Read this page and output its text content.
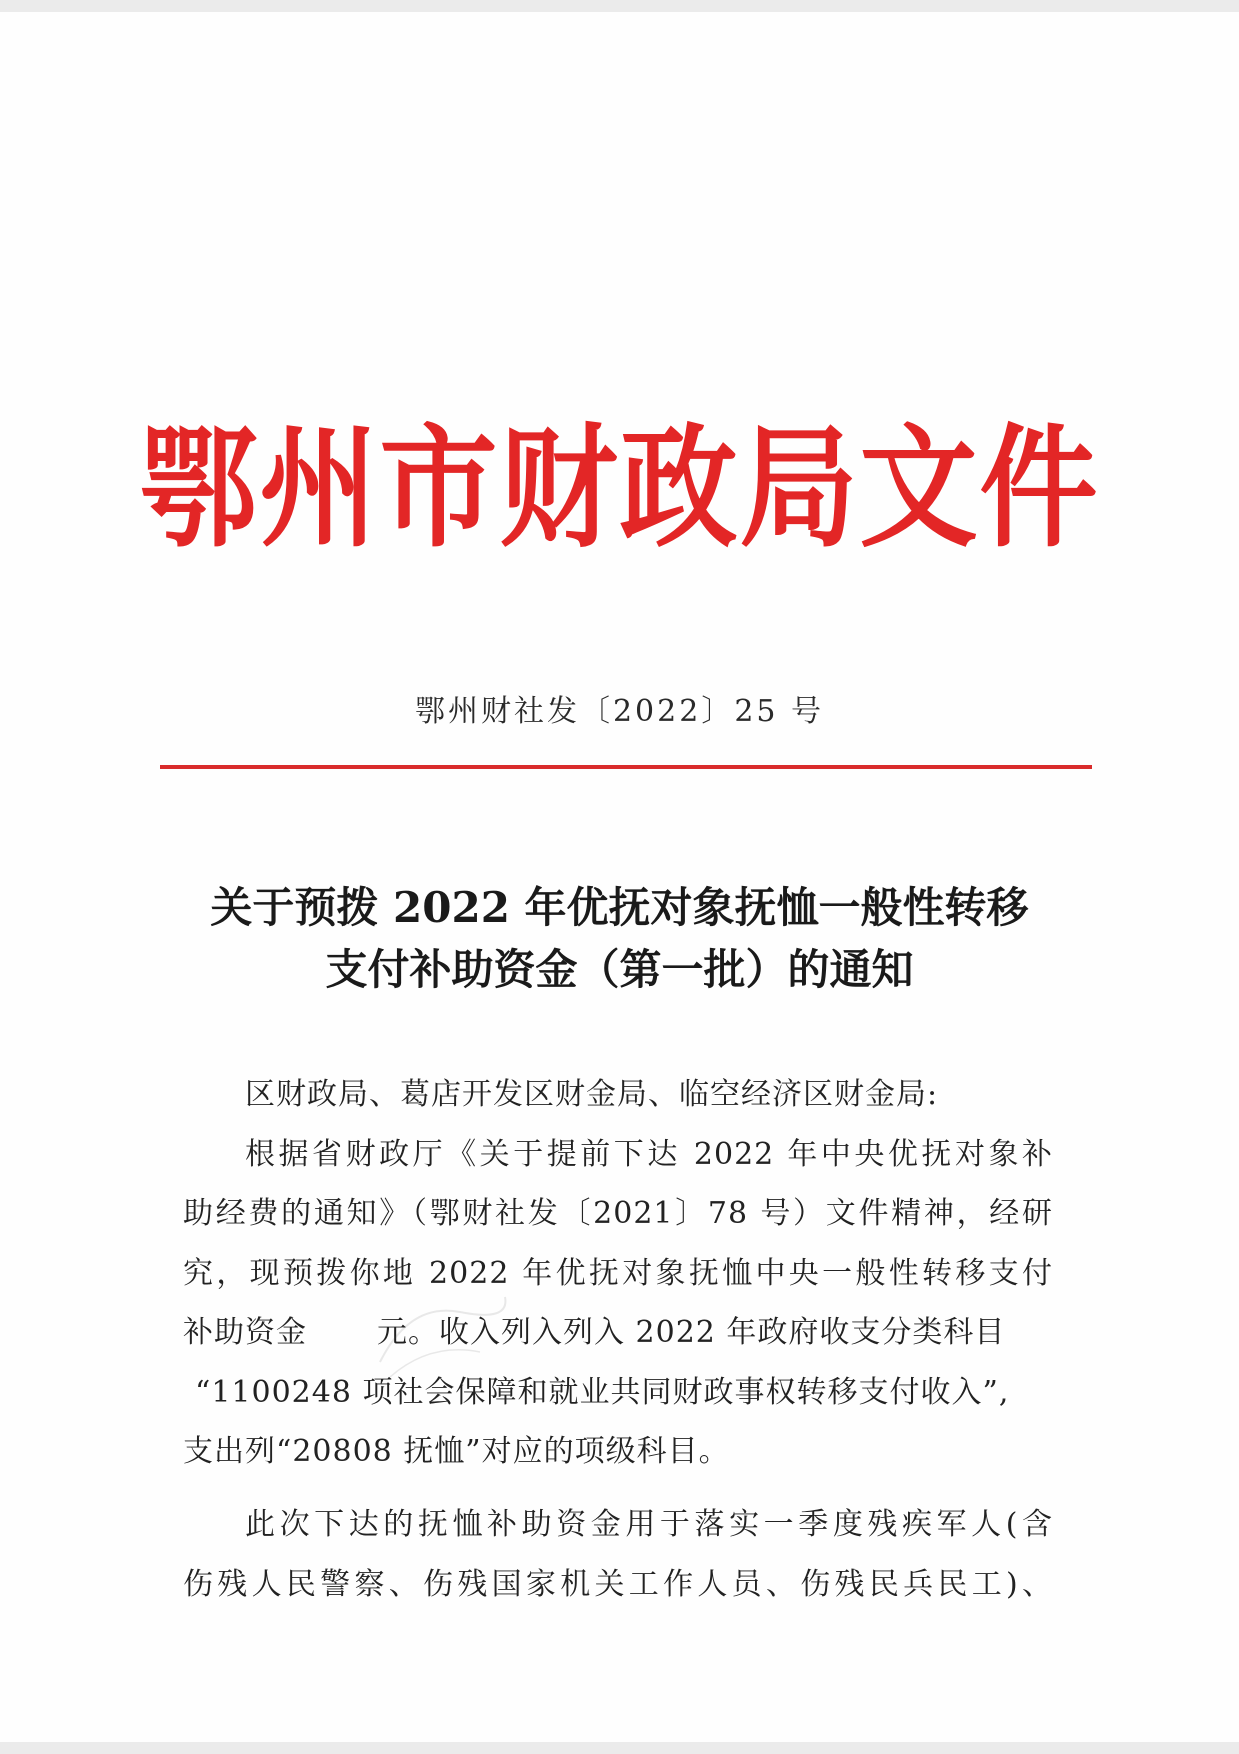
鄂州市财政局文件
鄂州财社发〔2022〕25 号
关于预拨 2022 年优抚对象抚恤一般性转移
支付补助资金（第一批）的通知
区财政局、葛店开发区财金局、临空经济区财金局:
根据省财政厅《关于提前下达 2022 年中央优抚对象补
助经费的通知》（鄂财社发〔2021〕78 号）文件精神，经研
究，现预拨你地 2022 年优抚对象抚恤中央一般性转移支付
补助资金 元。收入列入列入 2022 年政府收支分类科目
“1100248 项社会保障和就业共同财政事权转移支付收入”,
支出列“20808 抚恤”对应的项级科目。
此次下达的抚恤补助资金用于落实一季度残疾军人(含
伤残人民警察、伤残国家机关工作人员、伤残民兵民工)、
